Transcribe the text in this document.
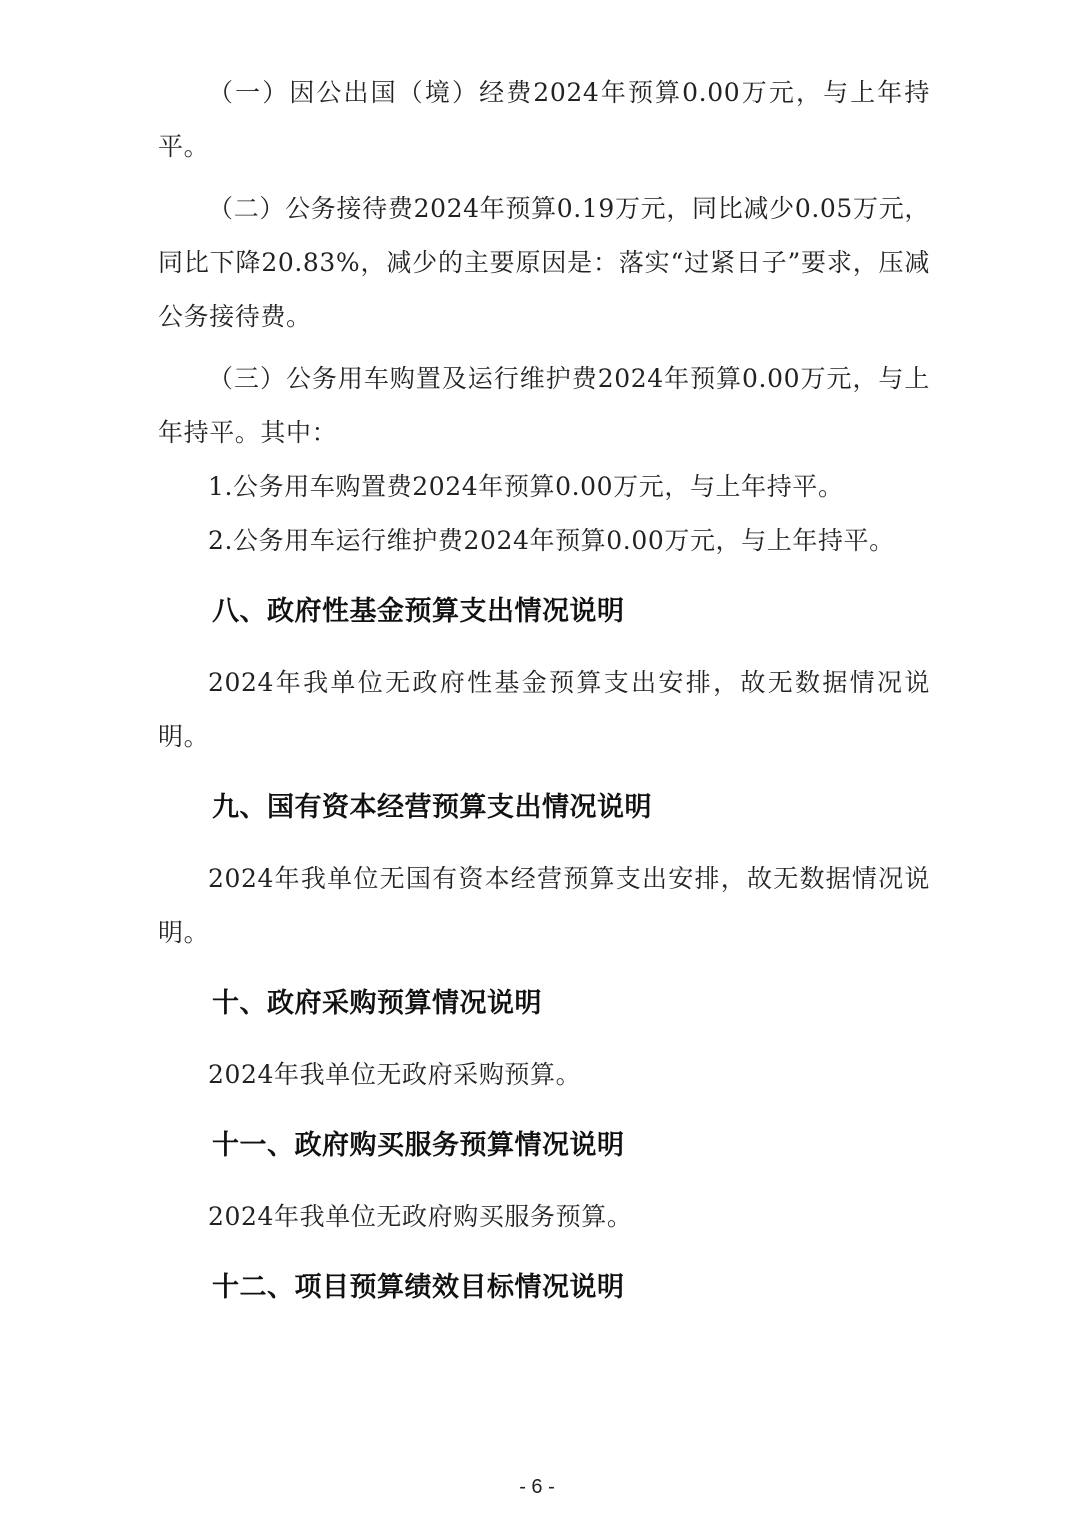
（一）因公出国（境）经费2024年预算0.00万元，与上年持平。

（二）公务接待费2024年预算0.19万元，同比减少0.05万元，同比下降20.83%，减少的主要原因是：落实“过紧日子”要求，压减公务接待费。

（三）公务用车购置及运行维护费2024年预算0.00万元，与上年持平。其中：

1.公务用车购置费2024年预算0.00万元，与上年持平。

2.公务用车运行维护费2024年预算0.00万元，与上年持平。

八、政府性基金预算支出情况说明

2024年我单位无政府性基金预算支出安排，故无数据情况说明。

九、国有资本经营预算支出情况说明

2024年我单位无国有资本经营预算支出安排，故无数据情况说明。

十、政府采购预算情况说明

2024年我单位无政府采购预算。

十一、政府购买服务预算情况说明

2024年我单位无政府购买服务预算。

十二、项目预算绩效目标情况说明
- 6 -
